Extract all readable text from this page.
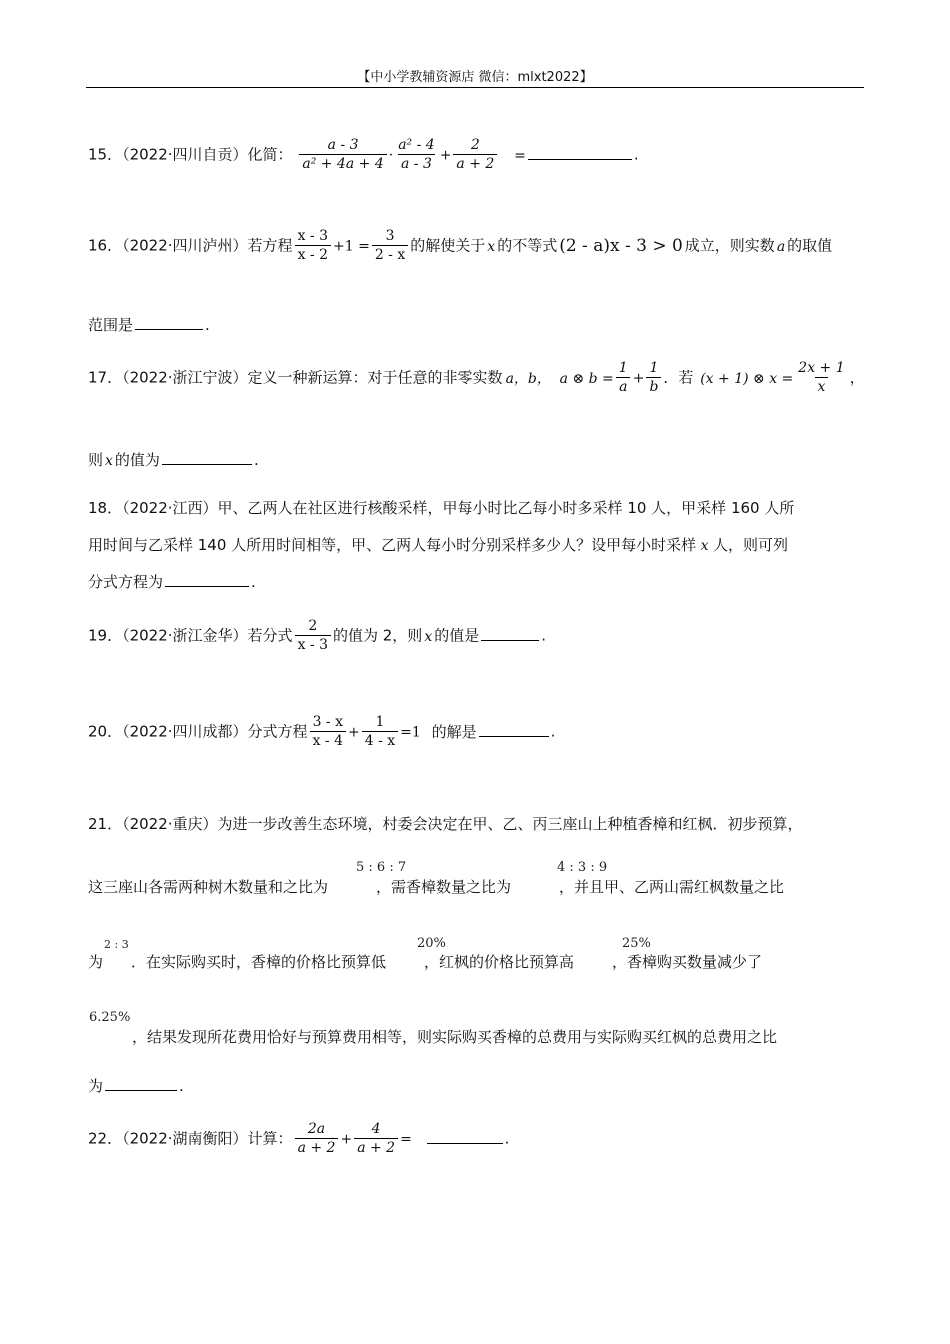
【中小学教辅资源店 微信：mlxt2022】
15．（2022·四川自贡）化简： $\frac{a - 3}{\text{a² + 4a + 4}} \cdot \frac{\text{a² - 4}}{a - 3} + \frac{2}{a + 2}$ =	.
16．（2022·四川泸州）若方程 $\frac{x - 3}{x - 2} +1 = \frac{3}{2 - x}$ 的解使关于 x 的不等式 (2 - a)x - 3 > 0 成立，则实数 a 的取值
范围是	.
17．（2022·浙江宁波）定义一种新运算：对于任意的非零实数 a，b， a ⊗ $b = \frac{1}{a} + \frac{1}{b}$ ．若 (x + 1) ⊗ $x = \frac{2x + 1}{x}$ ，
则 x 的值为	.
18．（2022·江西）甲、乙两人在社区进行核酸采样，甲每小时比乙每小时多采样 10 人，甲采样 160 人所
用时间与乙采样 140 人所用时间相等，甲、乙两人每小时分别采样多少人？设甲每小时采样 x 人，则可列
分式方程为	.
19．（2022·浙江金华）若分式 $\frac{2}{x - 3}$ 的值为 2，则 x 的值是	.
20．（2022·四川成都）分式方程 $\frac{3 - x}{x - 4} + \frac{1}{4 - x} =1$ 的解是	.
21．（2022·重庆）为进一步改善生态环境，村委会决定在甲、乙、丙三座山上种植香樟和红枫．初步预算，
这三座山各需两种树木数量和之比为	，需香樟数量之比为	，并且甲、乙两山需红枫数量之比
5 : 6 : 7	4 : 3 : 9
为 ．在实际购买时，香樟的价格比预算低	，红枫的价格比预算高	，香樟购买数量减少了
2 : 3	20%	25%
6.25%
，结果发现所花费用恰好与预算费用相等，则实际购买香樟的总费用与实际购买红枫的总费用之比
为	.
22．（2022·湖南衡阳）计算： $\frac{2a}{a + 2} + \frac{4}{a + 2}$ =	.
